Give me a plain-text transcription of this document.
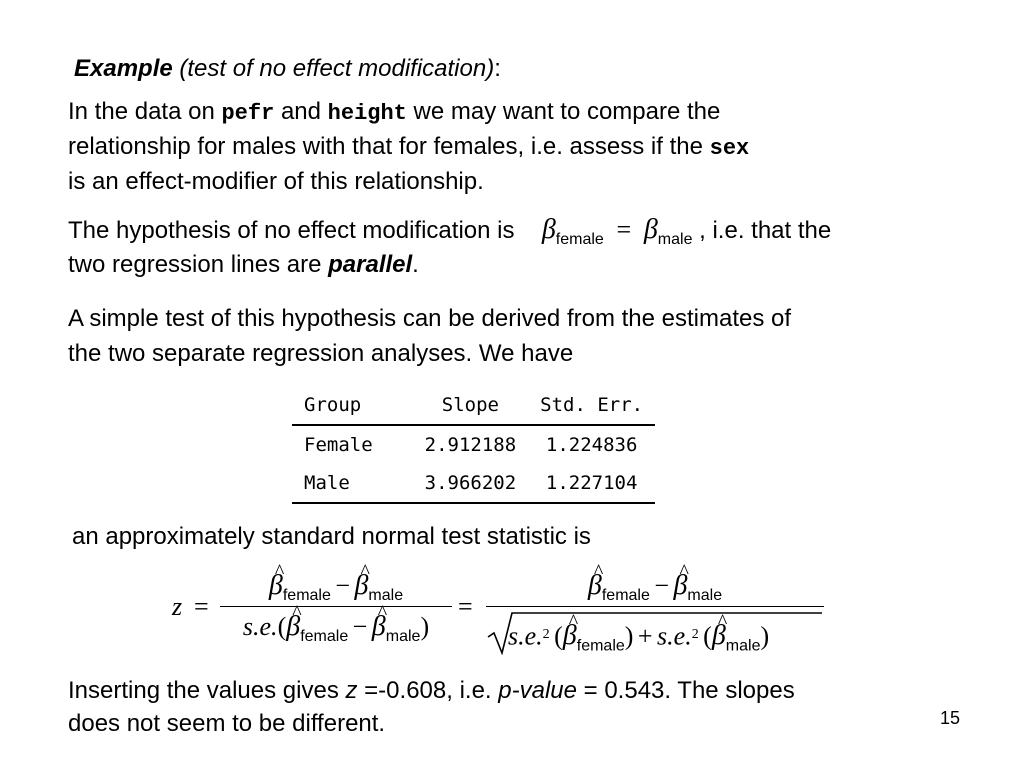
Example (test of no effect modification):
In the data on pefr and height we may want to compare the
relationship for males with that for females, i.e. assess if the sex
is an effect-modifier of this relationship.
The hypothesis of no effect modification is $\beta_{female} = \beta_{male}$ , i.e. that the
two regression lines are parallel.
A simple test of this hypothesis can be derived from the estimates of
the two separate regression analyses. We have
Group	Slope	Std. Err.
Female	2.912188	1.224836
Male	3.966202	1.227104
an approximately standard normal test statistic is
z =
^ βfemale − ^ βmale
s.e.(^ βfemale − ^ βmale)
=
^ βfemale − ^ βmale
s.e.$^2$ (^ βfemale) + s.e.$^2$ (^ βmale)
Inserting the values gives z =-0.608, i.e. p-value = 0.543. The slopes
does not seem to be different.	15
